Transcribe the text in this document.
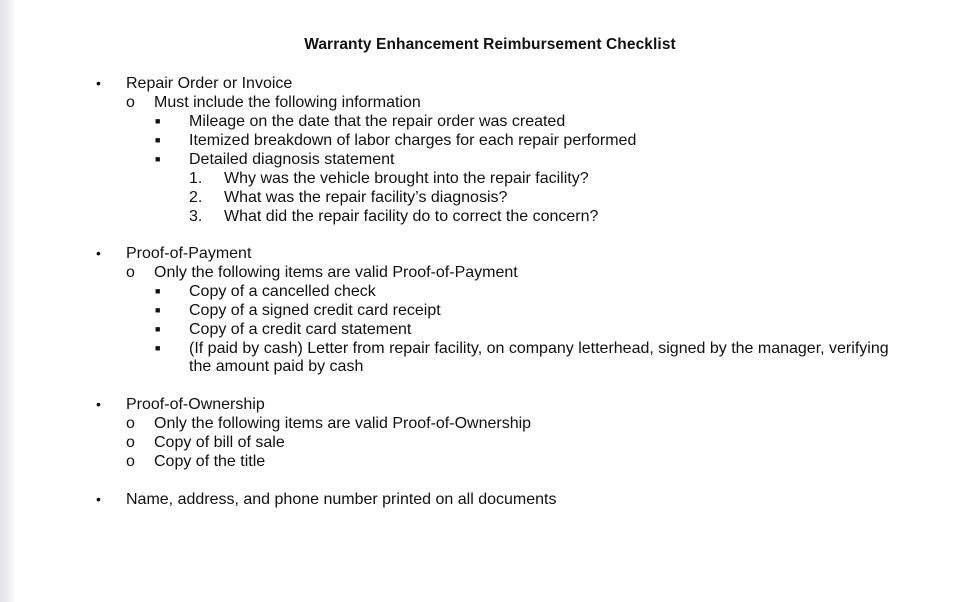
Warranty Enhancement Reimbursement Checklist
• Repair Order or Invoice
o Must include the following information
■ Mileage on the date that the repair order was created
■ Itemized breakdown of labor charges for each repair performed
■ Detailed diagnosis statement
1. Why was the vehicle brought into the repair facility?
2. What was the repair facility’s diagnosis?
3. What did the repair facility do to correct the concern?
• Proof-of-Payment
o Only the following items are valid Proof-of-Payment
■ Copy of a cancelled check
■ Copy of a signed credit card receipt
■ Copy of a credit card statement
■ (If paid by cash) Letter from repair facility, on company letterhead, signed by the manager, verifying
the amount paid by cash
• Proof-of-Ownership
o Only the following items are valid Proof-of-Ownership
o Copy of bill of sale
o Copy of the title
• Name, address, and phone number printed on all documents
